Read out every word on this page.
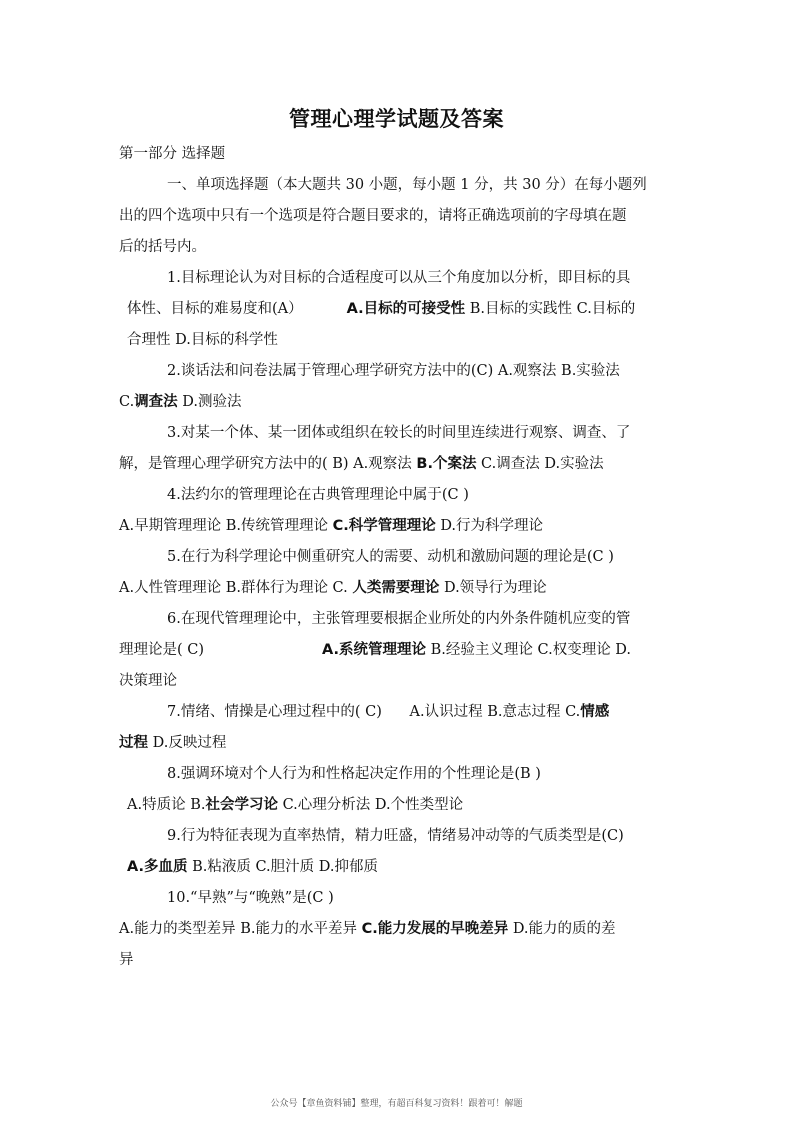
管理心理学试题及答案
第一部分 选择题
一、单项选择题（本大题共 30 小题，每小题 1 分，共 30 分）在每小题列
出的四个选项中只有一个选项是符合题目要求的，请将正确选项前的字母填在题
后的括号内。
1.目标理论认为对目标的合适程度可以从三个角度加以分析，即目标的具
体性、目标的难易度和(A）	A.目标的可接受性 B.目标的实践性 C.目标的
合理性 D.目标的科学性
2.谈话法和问卷法属于管理心理学研究方法中的(C) A.观察法 B.实验法
C.调查法 D.测验法
3.对某一个体、某一团体或组织在较长的时间里连续进行观察、调查、了
解，是管理心理学研究方法中的( B) A.观察法 B.个案法 C.调查法 D.实验法
4.法约尔的管理理论在古典管理理论中属于(C )
A.早期管理理论 B.传统管理理论 C.科学管理理论 D.行为科学理论
5.在行为科学理论中侧重研究人的需要、动机和激励问题的理论是(C )
A.人性管理理论 B.群体行为理论 C. 人类需要理论 D.领导行为理论
6.在现代管理理论中，主张管理要根据企业所处的内外条件随机应变的管
理理论是( C)	A.系统管理理论 B.经验主义理论 C.权变理论 D.
决策理论
7.情绪、情操是心理过程中的( C)      A.认识过程 B.意志过程 C.情感
过程 D.反映过程
8.强调环境对个人行为和性格起决定作用的个性理论是(B )
A.特质论 B.社会学习论 C.心理分析法 D.个性类型论
9.行为特征表现为直率热情，精力旺盛，情绪易冲动等的气质类型是(C)
A.多血质 B.粘液质 C.胆汁质 D.抑郁质
10.“早熟”与“晚熟”是(C )
A.能力的类型差异 B.能力的水平差异 C.能力发展的早晚差异 D.能力的质的差
异
公众号【章鱼资料铺】整理，有超百科复习资料！跟着可！解题
